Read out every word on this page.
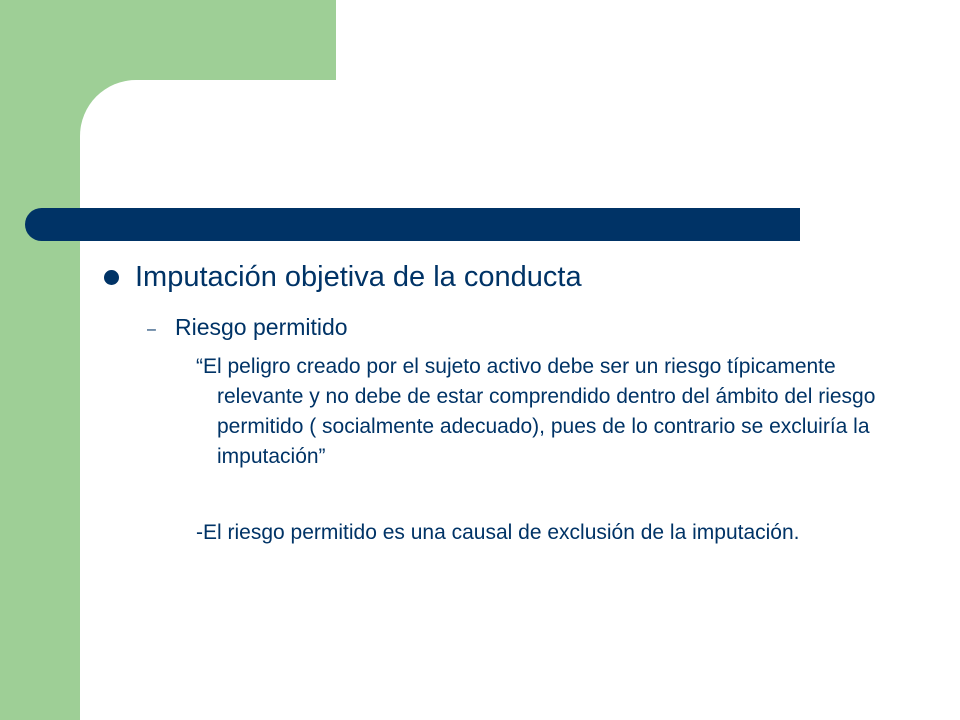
Imputación objetiva de la conducta
– Riesgo permitido
“El peligro creado por el sujeto activo debe ser un riesgo típicamente relevante y no debe de estar comprendido dentro del ámbito del riesgo permitido ( socialmente adecuado), pues de lo contrario se excluiría la imputación”
-El riesgo permitido es una causal de exclusión de la imputación.
